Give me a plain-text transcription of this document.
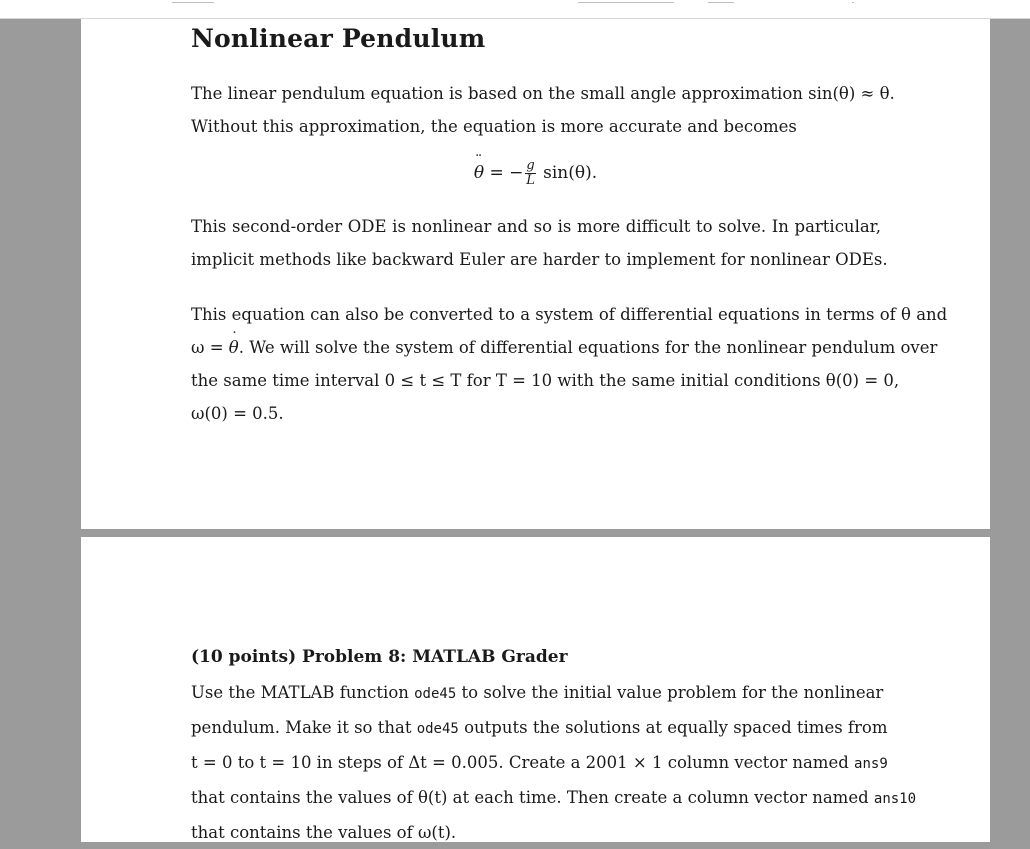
Nonlinear Pendulum
The linear pendulum equation is based on the small angle approximation sin(θ) ≈ θ.
Without this approximation, the equation is more accurate and becomes
¨ θ = − $\frac{g}{L} \sin(\theta)$.
This second-order ODE is nonlinear and so is more difficult to solve. In particular,
implicit methods like backward Euler are harder to implement for nonlinear ODEs.
This equation can also be converted to a system of differential equations in terms of θ and
ω = ˙ θ. We will solve the system of differential equations for the nonlinear pendulum over
the same time interval 0 ≤ t ≤ T for T = 10 with the same initial conditions θ(0) = 0,
ω(0) = 0.5.
(10 points) Problem 8: MATLAB Grader
Use the MATLAB function ode45 to solve the initial value problem for the nonlinear
pendulum. Make it so that ode45 outputs the solutions at equally spaced times from
t = 0 to t = 10 in steps of Δt = 0.005. Create a 2001 × 1 column vector named ans9
that contains the values of θ(t) at each time. Then create a column vector named ans10
that contains the values of ω(t).
